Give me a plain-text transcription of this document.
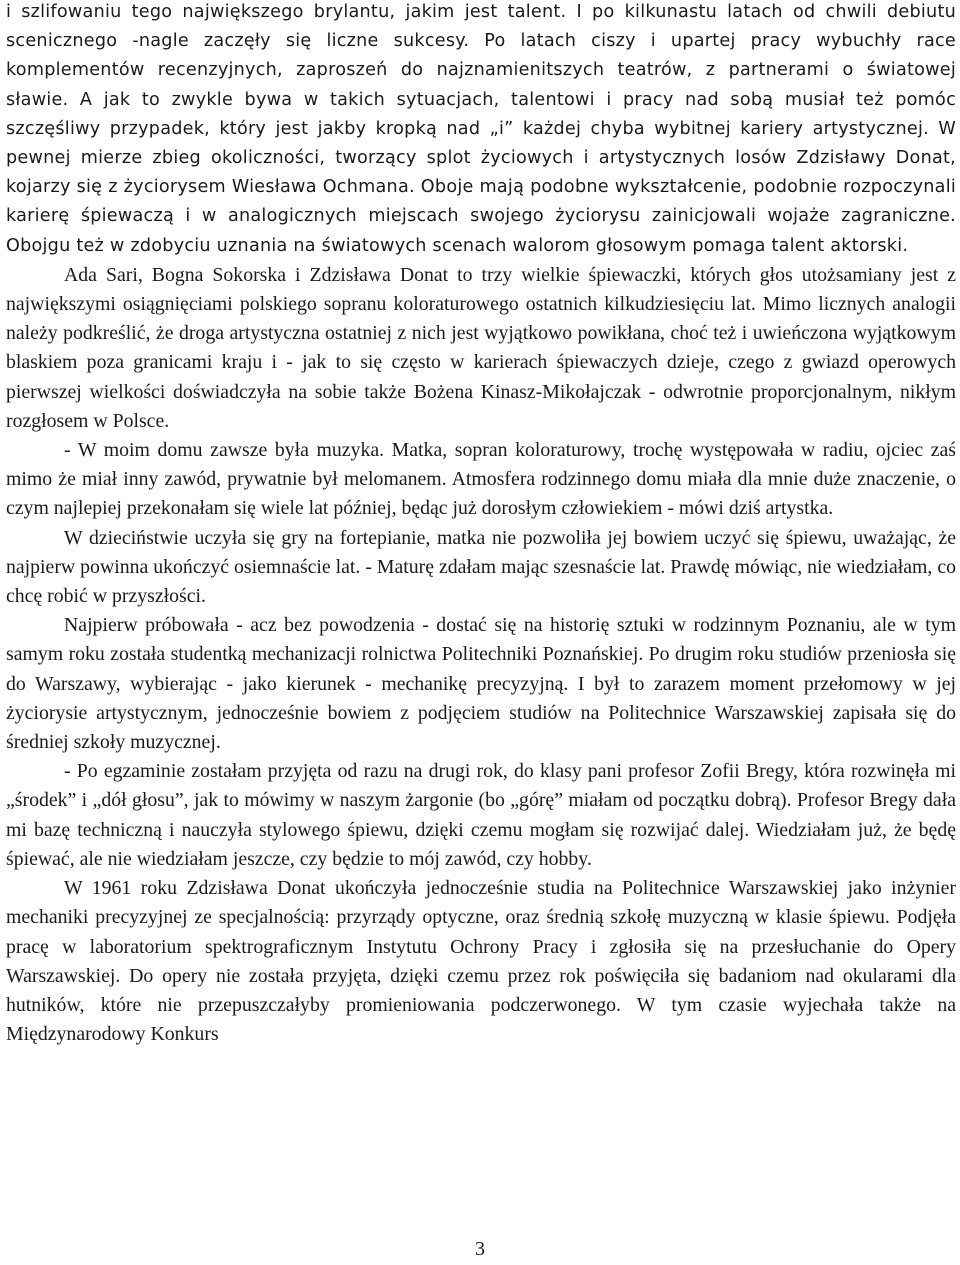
i szlifowaniu tego największego brylantu, jakim jest talent. I po kilkunastu latach od chwili debiutu scenicznego -nagle zaczęły się liczne sukcesy. Po latach ciszy i upartej pracy wybuchły race komplementów recenzyjnych, zaproszeń do najznamienitszych teatrów, z partnerami o światowej sławie. A jak to zwykle bywa w takich sytuacjach, talentowi i pracy nad sobą musiał też pomóc szczęśliwy przypadek, który jest jakby kropką nad „i” każdej chyba wybitnej kariery artystycznej. W pewnej mierze zbieg okoliczności, tworzący splot życiowych i artystycznych losów Zdzisławy Donat, kojarzy się z życiorysem Wiesława Ochmana. Oboje mają podobne wykształcenie, podobnie rozpoczynali karierę śpiewaczą i w analogicznych miejscach swojego życiorysu zainicjowali wojaże zagraniczne. Obojgu też w zdobyciu uznania na światowych scenach walorom głosowym pomaga talent aktorski.

Ada Sari, Bogna Sokorska i Zdzisława Donat to trzy wielkie śpiewaczki, których głos utożsamiany jest z największymi osiągnięciami polskiego sopranu koloraturowego ostatnich kilkudziesięciu lat. Mimo licznych analogii należy podkreślić, że droga artystyczna ostatniej z nich jest wyjątkowo powikłana, choć też i uwieńczona wyjątkowym blaskiem poza granicami kraju i - jak to się często w karierach śpiewaczych dzieje, czego z gwiazd operowych pierwszej wielkości doświadczyła na sobie także Bożena Kinasz-Mikołajczak - odwrotnie proporcjonalnym, nikłym rozgłosem w Polsce.

- W moim domu zawsze była muzyka. Matka, sopran koloraturowy, trochę występowała w radiu, ojciec zaś mimo że miał inny zawód, prywatnie był melomanem. Atmosfera rodzinnego domu miała dla mnie duże znaczenie, o czym najlepiej przekonałam się wiele lat później, będąc już dorosłym człowiekiem - mówi dziś artystka.

W dzieciństwie uczyła się gry na fortepianie, matka nie pozwoliła jej bowiem uczyć się śpiewu, uważając, że najpierw powinna ukończyć osiemnaście lat. - Maturę zdałam mając szesnaście lat. Prawdę mówiąc, nie wiedziałam, co chcę robić w przyszłości.

Najpierw próbowała - acz bez powodzenia - dostać się na historię sztuki w rodzinnym Poznaniu, ale w tym samym roku została studentką mechanizacji rolnictwa Politechniki Poznańskiej. Po drugim roku studiów przeniosła się do Warszawy, wybierając - jako kierunek - mechanikę precyzyjną. I był to zarazem moment przełomowy w jej życiorysie artystycznym, jednocześnie bowiem z podjęciem studiów na Politechnice Warszawskiej zapisała się do średniej szkoły muzycznej.

- Po egzaminie zostałam przyjęta od razu na drugi rok, do klasy pani profesor Zofii Bregy, która rozwinęła mi „środek” i „dół głosu”, jak to mówimy w naszym żargonie (bo „górę” miałam od początku dobrą). Profesor Bregy dała mi bazę techniczną i nauczyła stylowego śpiewu, dzięki czemu mogłam się rozwijać dalej. Wiedziałam już, że będę śpiewać, ale nie wiedziałam jeszcze, czy będzie to mój zawód, czy hobby.

W 1961 roku Zdzisława Donat ukończyła jednocześnie studia na Politechnice Warszawskiej jako inżynier mechaniki precyzyjnej ze specjalnością: przyrządy optyczne, oraz średnią szkołę muzyczną w klasie śpiewu. Podjęła pracę w laboratorium spektrograficznym Instytutu Ochrony Pracy i zgłosiła się na przesłuchanie do Opery Warszawskiej. Do opery nie została przyjęta, dzięki czemu przez rok poświęciła się badaniom nad okularami dla hutników, które nie przepuszczałyby promieniowania podczerwonego. W tym czasie wyjechała także na Międzynarodowy Konkurs

3
